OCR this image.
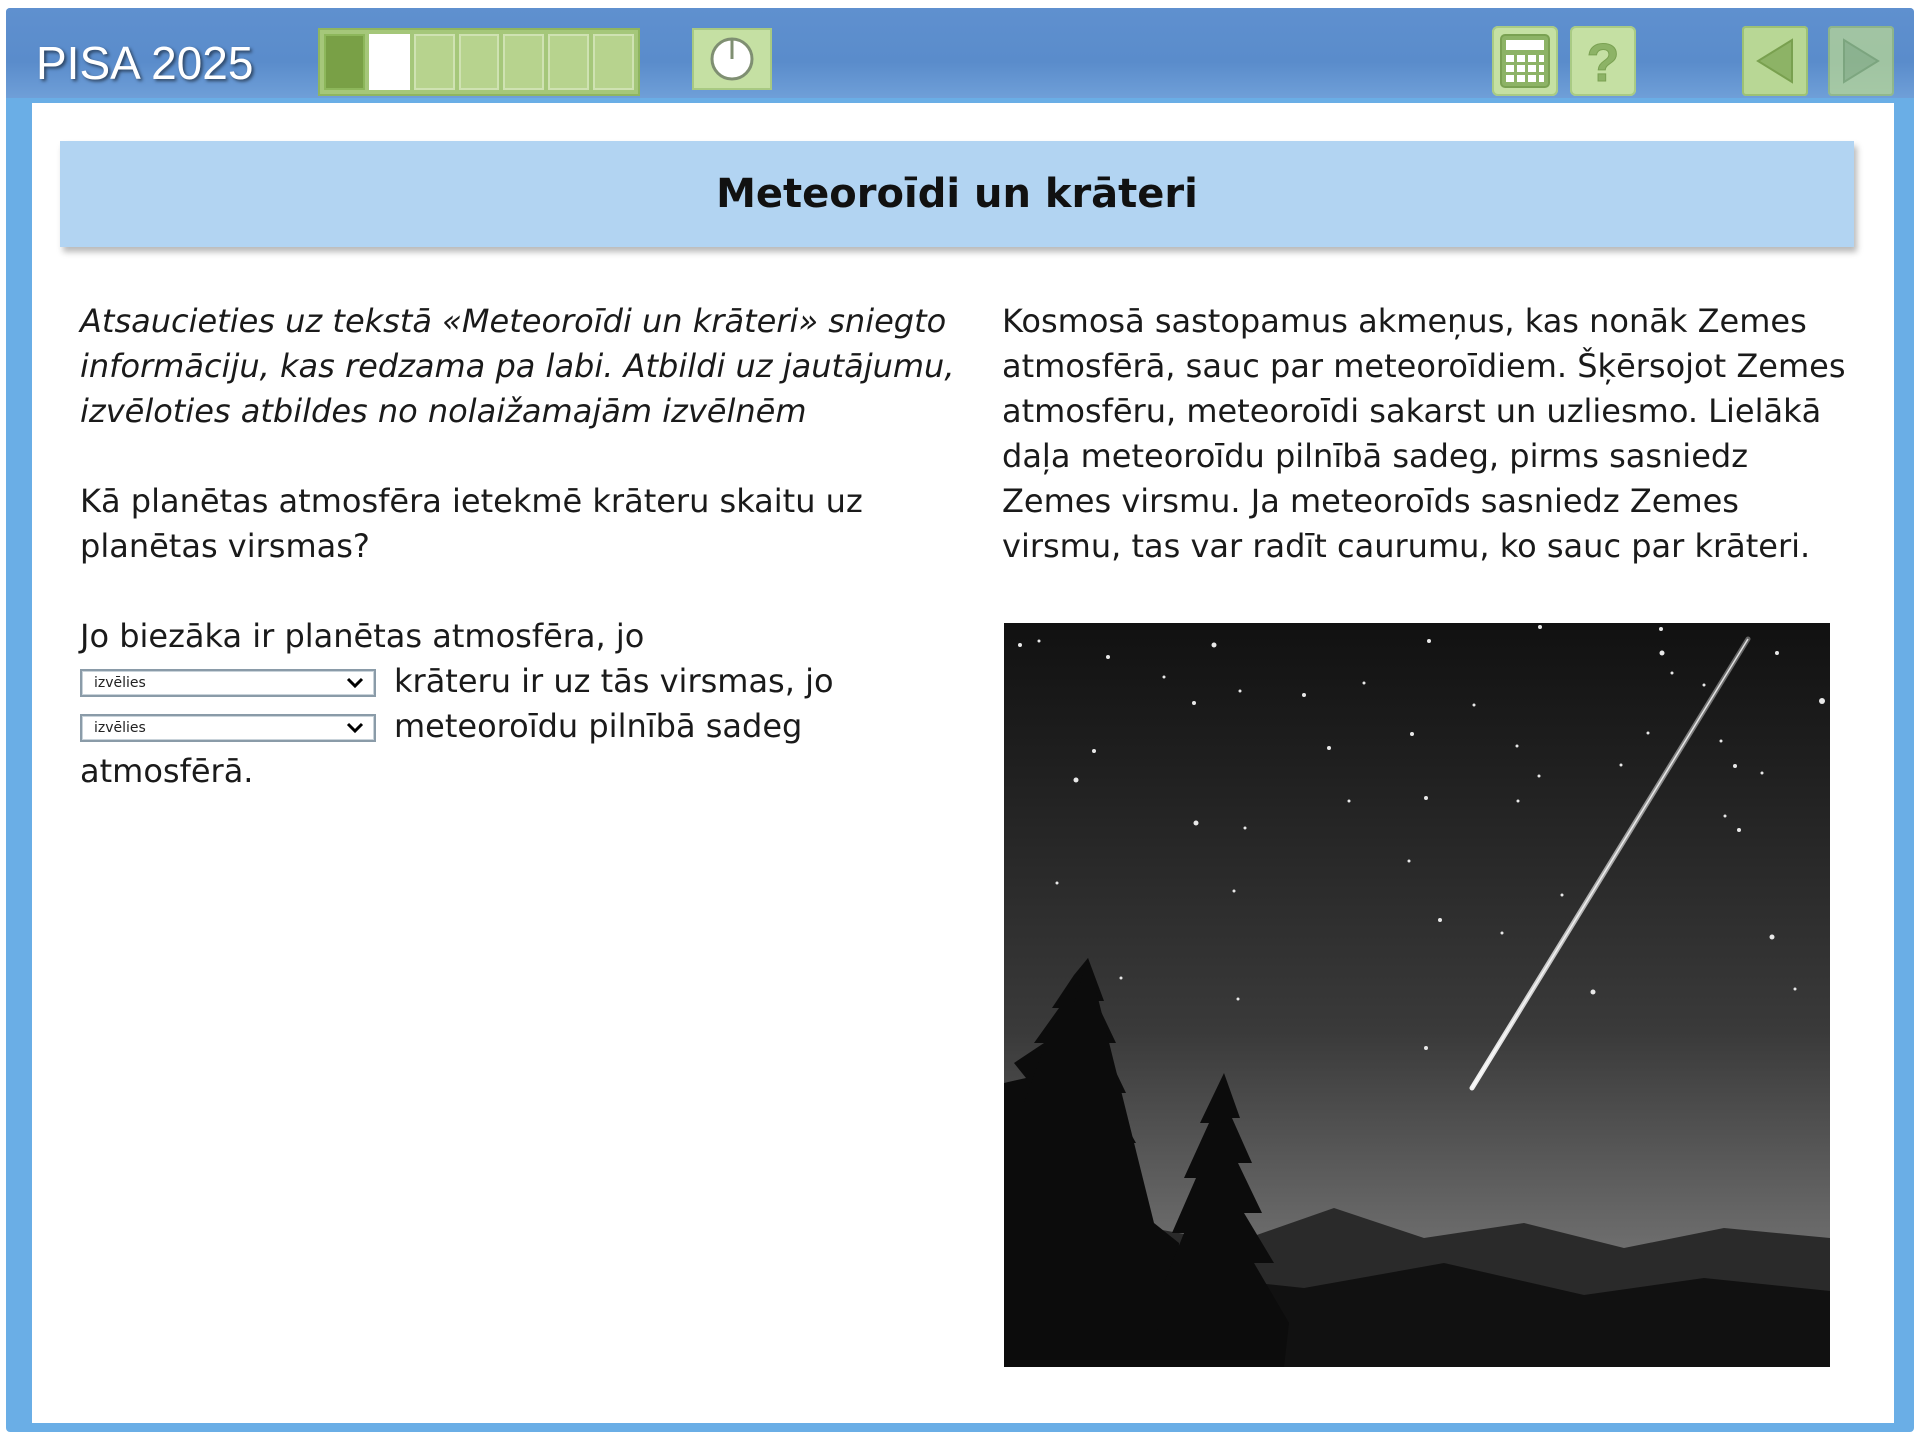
PISA 2025	?
Meteoroīdi un krāteri

Atsaucieties uz tekstā «Meteoroīdi un krāteri» sniegto informāciju, kas redzama pa labi. Atbildi uz jautājumu, izvēloties atbildes no nolaižamajām izvēlnēm

Kā planētas atmosfēra ietekmē krāteru skaitu uz planētas virsmas?

Jo biezāka ir planētas atmosfēra, jo
izvēlies	krāteru ir uz tās virsmas, jo
izvēlies	meteoroīdu pilnībā sadeg atmosfērā.

Kosmosā sastopamus akmeņus, kas nonāk Zemes atmosfērā, sauc par meteoroīdiem. Šķērsojot Zemes atmosfēru, meteoroīdi sakarst un uzliesmo. Lielākā daļa meteoroīdu pilnībā sadeg, pirms sasniedz Zemes virsmu. Ja meteoroīds sasniedz Zemes virsmu, tas var radīt caurumu, ko sauc par krāteri.
